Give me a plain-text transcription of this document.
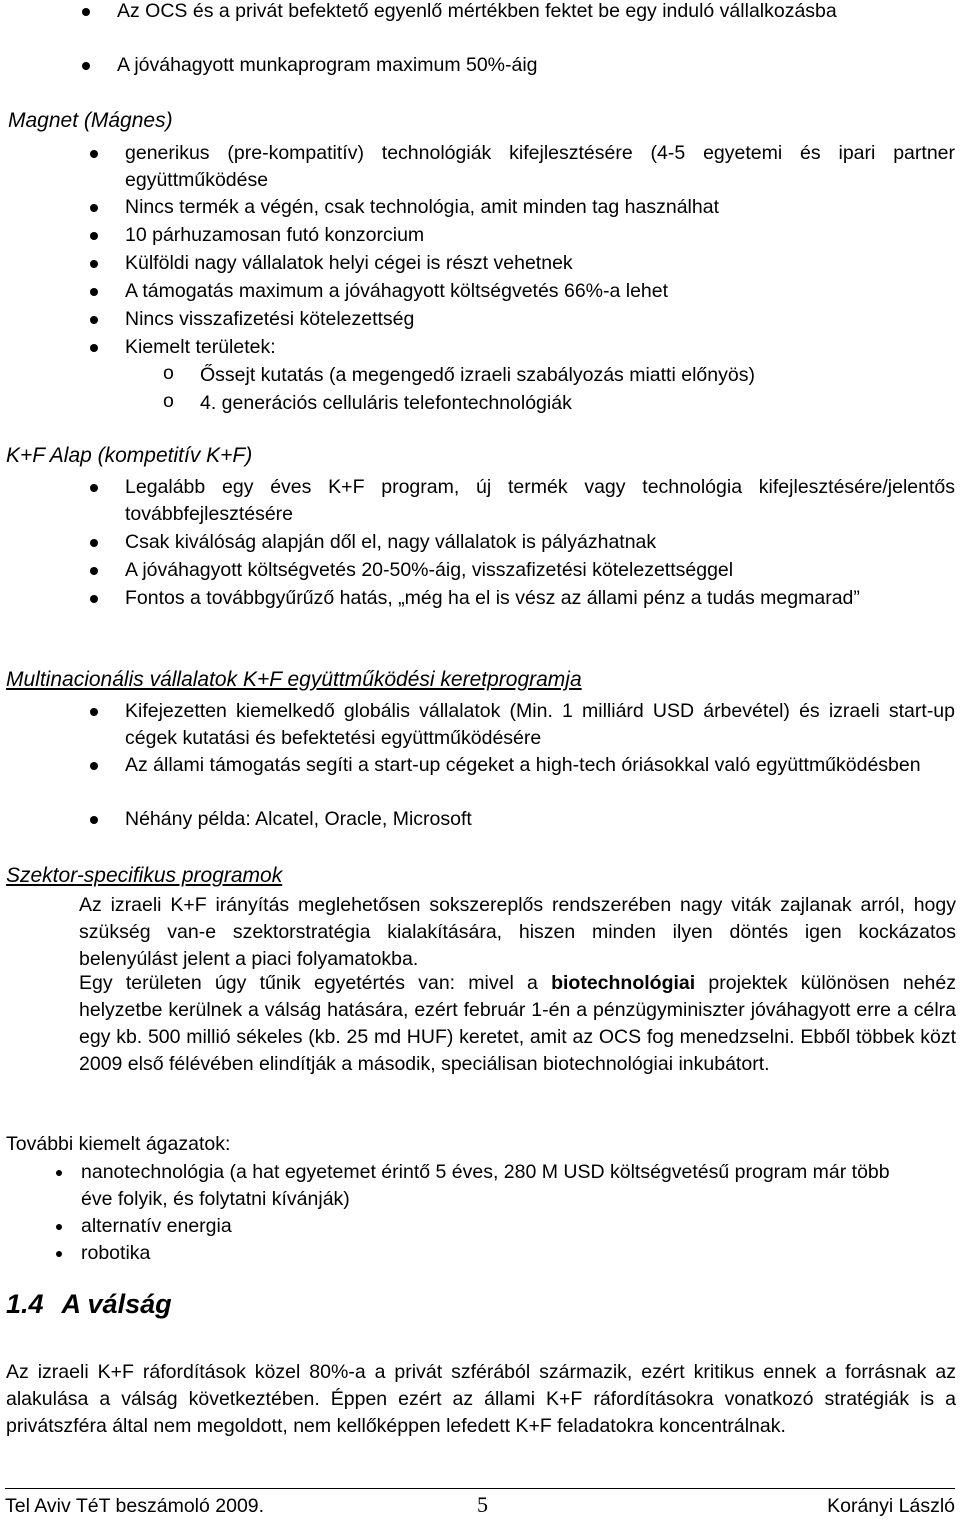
Az OCS és a privát befektető egyenlő mértékben fektet be egy induló vállalkozásba
A jóváhagyott munkaprogram maximum 50%-áig
Magnet (Mágnes)
generikus (pre-kompatitív) technológiák kifejlesztésére (4-5 egyetemi és ipari partner együttműködése
Nincs termék a végén, csak technológia, amit minden tag használhat
10 párhuzamosan futó konzorcium
Külföldi nagy vállalatok helyi cégei is részt vehetnek
A támogatás maximum a jóváhagyott költségvetés 66%-a lehet
Nincs visszafizetési kötelezettség
Kiemelt területek:
o Őssejt kutatás (a megengedő izraeli szabályozás miatti előnyös)
o 4. generációs celluláris telefontechnológiák
K+F Alap (kompetitív K+F)
Legalább egy éves K+F program, új termék vagy technológia kifejlesztésére/jelentős továbbfejlesztésére
Csak kiválóság alapján dől el, nagy vállalatok is pályázhatnak
A jóváhagyott költségvetés 20-50%-áig, visszafizetési kötelezettséggel
Fontos a továbbgyűrűző hatás, „még ha el is vész az állami pénz a tudás megmarad”
Multinacionális vállalatok K+F együttműködési keretprogramja
Kifejezetten kiemelkedő globális vállalatok (Min. 1 milliárd USD árbevétel) és izraeli start-up cégek kutatási és befektetési együttműködésére
Az állami támogatás segíti a start-up cégeket a high-tech óriásokkal való együttműködésben
Néhány példa: Alcatel, Oracle, Microsoft
Szektor-specifikus programok
Az izraeli K+F irányítás meglehetősen sokszereplős rendszerében nagy viták zajlanak arról, hogy szükség van-e szektorstratégia kialakítására, hiszen minden ilyen döntés igen kockázatos belenyúlást jelent a piaci folyamatokba.
Egy területen úgy tűnik egyetértés van: mivel a biotechnológiai projektek különösen nehéz helyzetbe kerülnek a válság hatására, ezért február 1-én a pénzügyminiszter jóváhagyott erre a célra egy kb. 500 millió sékeles (kb. 25 md HUF) keretet, amit az OCS fog menedzselni. Ebből többek közt 2009 első félévében elindítják a második, speciálisan biotechnológiai inkubátort.
További kiemelt ágazatok:
nanotechnológia (a hat egyetemet érintő 5 éves, 280 M USD költségvetésű program már több éve folyik, és folytatni kívánják)
alternatív energia
robotika
1.4 A válság
Az izraeli K+F ráfordítások közel 80%-a a privát szférából származik, ezért kritikus ennek a forrásnak az alakulása a válság következtében. Éppen ezért az állami K+F ráfordításokra vonatkozó stratégiák is a privátszféra által nem megoldott, nem kellőképpen lefedett K+F feladatokra koncentrálnak.
Tel Aviv TéT beszámoló 2009.	5	Korányi László
